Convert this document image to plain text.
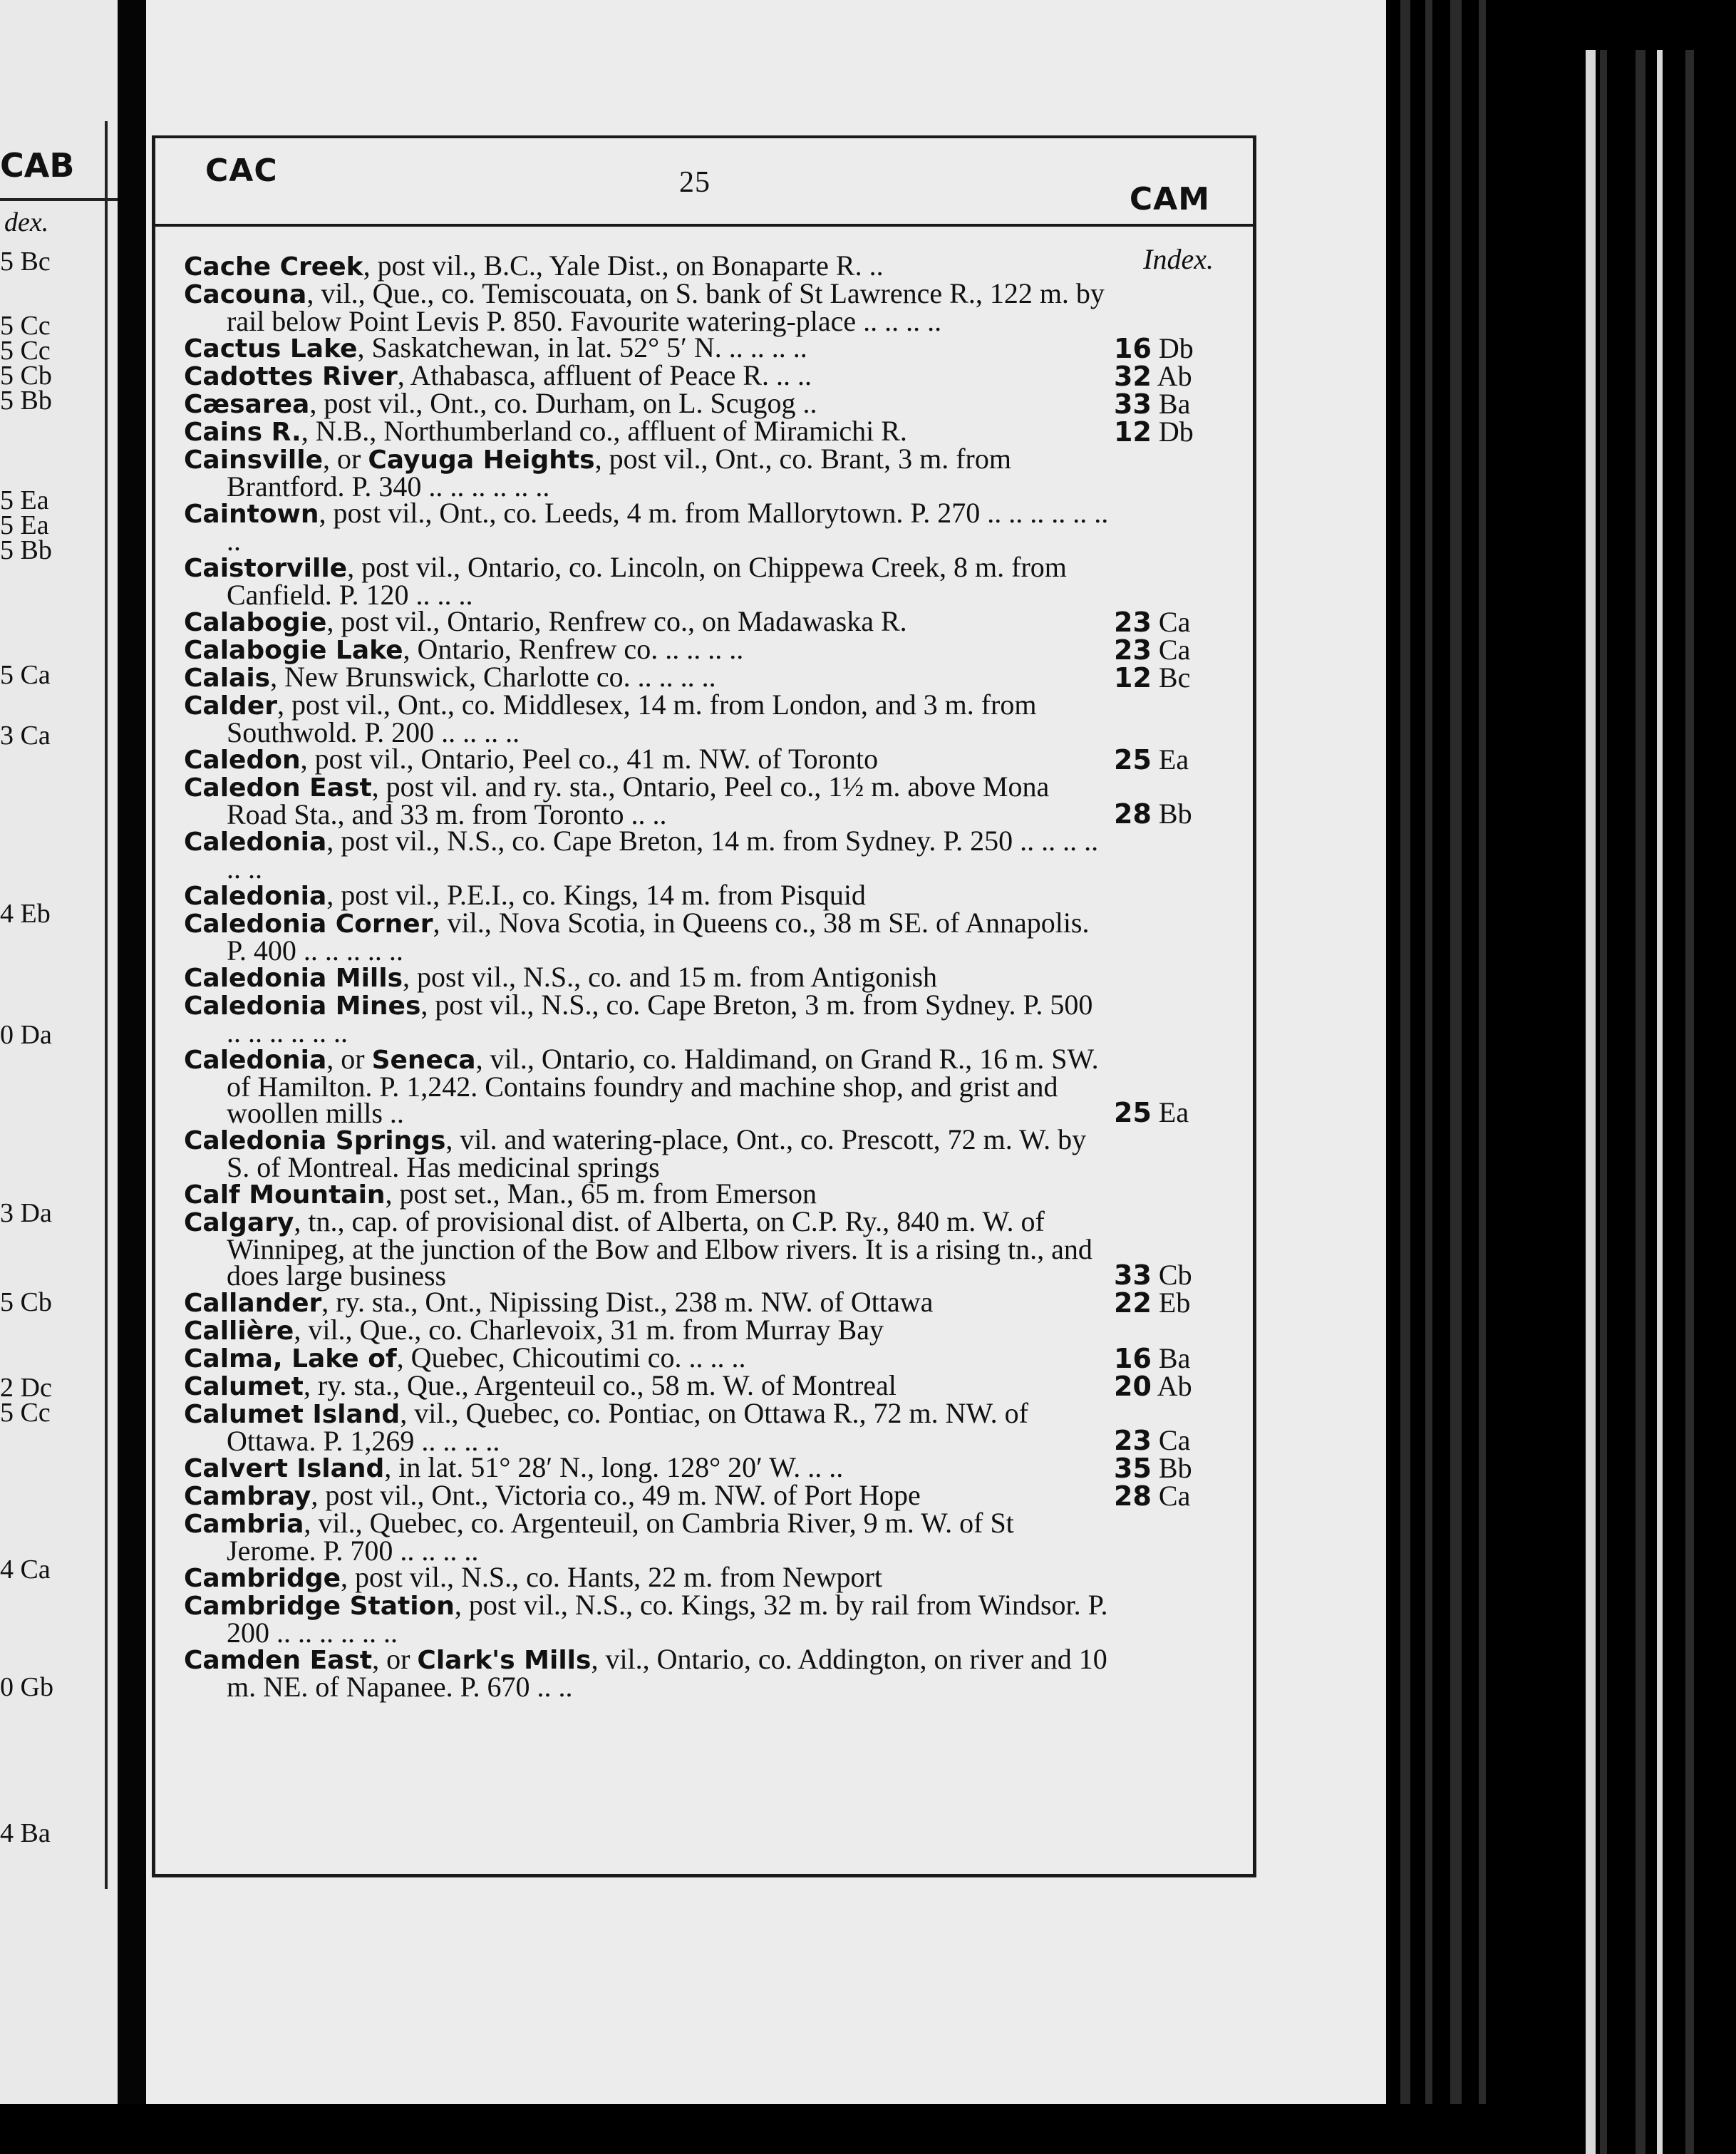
CAB
dex.
5 Bc
5 Cc
5 Cc
5 Cb
5 Bb
5 Ea
5 Ea
5 Bb
5 Ca
3 Ca
4 Eb
0 Da
3 Da
5 Cb
2 Dc
5 Cc
4 Ca
0 Gb
4 Ba
CAC	25	CAM
Index.
Cache Creek, post vil., B.C., Yale Dist., on Bonaparte R. ..
Cacouna, vil., Que., co. Temiscouata, on S. bank of St Lawrence R., 122 m. by rail below Point Levis P. 850. Favourite watering-place .. .. .. ..
Cactus Lake, Saskatchewan, in lat. 52° 5′ N. .. .. .. ..	16 Db
Cadottes River, Athabasca, affluent of Peace R. .. ..	32 Ab
Cæsarea, post vil., Ont., co. Durham, on L. Scugog ..	33 Ba
Cains R., N.B., Northumberland co., affluent of Miramichi R.	12 Db
Cainsville, or Cayuga Heights, post vil., Ont., co. Brant, 3 m. from Brantford. P. 340 .. .. .. .. .. ..
Caintown, post vil., Ont., co. Leeds, 4 m. from Mallorytown. P. 270 .. .. .. .. .. .. ..
Caistorville, post vil., Ontario, co. Lincoln, on Chippewa Creek, 8 m. from Canfield. P. 120 .. .. ..
Calabogie, post vil., Ontario, Renfrew co., on Madawaska R.	23 Ca
Calabogie Lake, Ontario, Renfrew co. .. .. .. ..	23 Ca
Calais, New Brunswick, Charlotte co. .. .. .. ..	12 Bc
Calder, post vil., Ont., co. Middlesex, 14 m. from London, and 3 m. from Southwold. P. 200 .. .. .. ..
Caledon, post vil., Ontario, Peel co., 41 m. NW. of Toronto	25 Ea
Caledon East, post vil. and ry. sta., Ontario, Peel co., 1½ m. above Mona Road Sta., and 33 m. from Toronto .. ..	28 Bb
Caledonia, post vil., N.S., co. Cape Breton, 14 m. from Sydney. P. 250 .. .. .. .. .. ..
Caledonia, post vil., P.E.I., co. Kings, 14 m. from Pisquid
Caledonia Corner, vil., Nova Scotia, in Queens co., 38 m SE. of Annapolis. P. 400 .. .. .. .. ..
Caledonia Mills, post vil., N.S., co. and 15 m. from Antigonish
Caledonia Mines, post vil., N.S., co. Cape Breton, 3 m. from Sydney. P. 500 .. .. .. .. .. ..
Caledonia, or Seneca, vil., Ontario, co. Haldimand, on Grand R., 16 m. SW. of Hamilton. P. 1,242. Contains foundry and machine shop, and grist and woollen mills ..	25 Ea
Caledonia Springs, vil. and watering-place, Ont., co. Prescott, 72 m. W. by S. of Montreal. Has medicinal springs
Calf Mountain, post set., Man., 65 m. from Emerson
Calgary, tn., cap. of provisional dist. of Alberta, on C.P. Ry., 840 m. W. of Winnipeg, at the junction of the Bow and Elbow rivers. It is a rising tn., and does large business	33 Cb
Callander, ry. sta., Ont., Nipissing Dist., 238 m. NW. of Ottawa	22 Eb
Callière, vil., Que., co. Charlevoix, 31 m. from Murray Bay
Calma, Lake of, Quebec, Chicoutimi co. .. .. ..	16 Ba
Calumet, ry. sta., Que., Argenteuil co., 58 m. W. of Montreal	20 Ab
Calumet Island, vil., Quebec, co. Pontiac, on Ottawa R., 72 m. NW. of Ottawa. P. 1,269 .. .. .. ..	23 Ca
Calvert Island, in lat. 51° 28′ N., long. 128° 20′ W. .. ..	35 Bb
Cambray, post vil., Ont., Victoria co., 49 m. NW. of Port Hope	28 Ca
Cambria, vil., Quebec, co. Argenteuil, on Cambria River, 9 m. W. of St Jerome. P. 700 .. .. .. ..
Cambridge, post vil., N.S., co. Hants, 22 m. from Newport
Cambridge Station, post vil., N.S., co. Kings, 32 m. by rail from Windsor. P. 200 .. .. .. .. .. ..
Camden East, or Clark's Mills, vil., Ontario, co. Addington, on river and 10 m. NE. of Napanee. P. 670 .. ..
